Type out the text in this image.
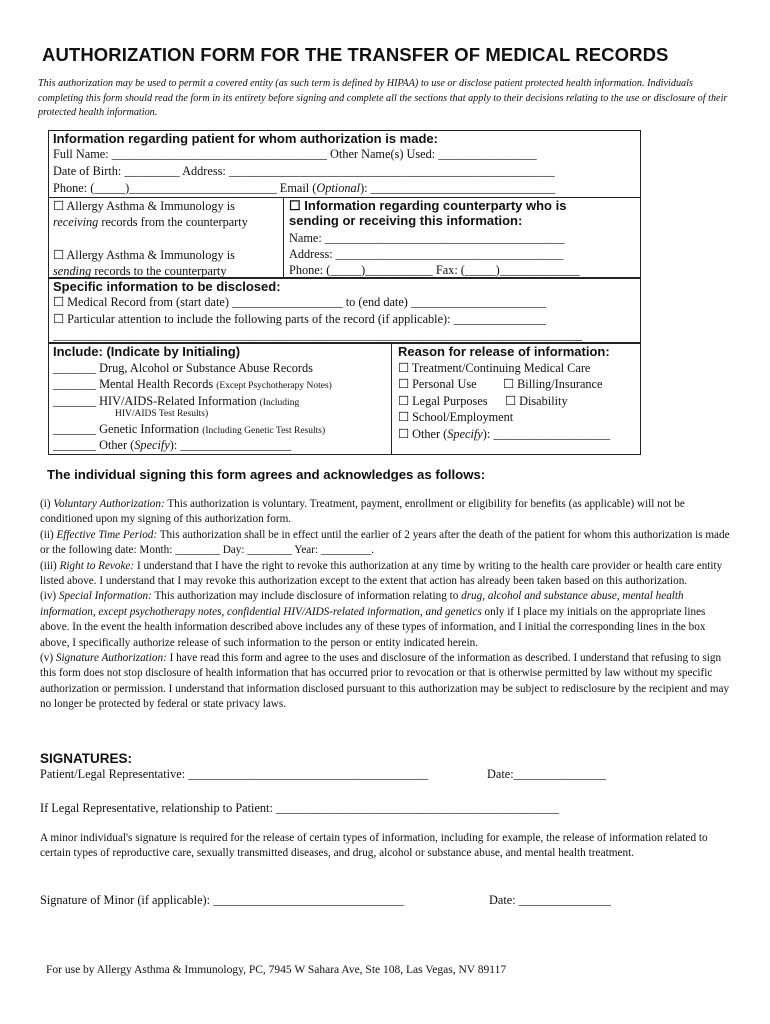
AUTHORIZATION FORM FOR THE TRANSFER OF MEDICAL RECORDS
This authorization may be used to permit a covered entity (as such term is defined by HIPAA) to use or disclose patient protected health information. Individuals completing this form should read the form in its entirety before signing and complete all the sections that apply to their decisions relating to the use or disclosure of their protected health information.
Information regarding patient for whom authorization is made:
Full Name: ___________________________________ Other Name(s) Used: ________________
Date of Birth: _________ Address: _____________________________________________________
Phone: (_____)________________________ Email (Optional): ______________________________
☐ Allergy Asthma & Immunology is
receiving records from the counterparty
☐ Allergy Asthma & Immunology is
sending records to the counterparty
☐ Information regarding counterparty who is
sending or receiving this information:
Name: _______________________________________
Address: _____________________________________
Phone: (_____)___________ Fax: (_____)_____________
Specific information to be disclosed:
☐ Medical Record from (start date) __________________ to (end date) ______________________
☐ Particular attention to include the following parts of the record (if applicable): _______________
______________________________________________________________________________________
Include: (Indicate by Initialing)
_______ Drug, Alcohol or Substance Abuse Records
_______ Mental Health Records (Except Psychotherapy Notes)
_______ HIV/AIDS-Related Information (Including
HIV/AIDS Test Results)
_______ Genetic Information (Including Genetic Test Results)
_______ Other (Specify): __________________
Reason for release of information:
☐ Treatment/Continuing Medical Care
☐ Personal Use ☐ Billing/Insurance
☐ Legal Purposes ☐ Disability
☐ School/Employment
☐ Other (Specify): ___________________
The individual signing this form agrees and acknowledges as follows:

(i) Voluntary Authorization: This authorization is voluntary. Treatment, payment, enrollment or eligibility for benefits (as applicable) will not be conditioned upon my signing of this authorization form.

(ii) Effective Time Period: This authorization shall be in effect until the earlier of 2 years after the death of the patient for whom this authorization is made or the following date: Month: ________ Day: ________ Year: _________.

(iii) Right to Revoke: I understand that I have the right to revoke this authorization at any time by writing to the health care provider or health care entity listed above. I understand that I may revoke this authorization except to the extent that action has already been taken based on this authorization.

(iv) Special Information: This authorization may include disclosure of information relating to drug, alcohol and substance abuse, mental health information, except psychotherapy notes, confidential HIV/AIDS-related information, and genetics only if I place my initials on the appropriate lines above. In the event the health information described above includes any of these types of information, and I initial the corresponding lines in the box above, I specifically authorize release of such information to the person or entity indicated herein.

(v) Signature Authorization: I have read this form and agree to the uses and disclosure of the information as described. I understand that refusing to sign this form does not stop disclosure of health information that has occurred prior to revocation or that is otherwise permitted by law without my specific authorization or permission. I understand that information disclosed pursuant to this authorization may be subject to redisclosure by the recipient and may no longer be protected by federal or state privacy laws.

SIGNATURES:
Patient/Legal Representative: _______________________________________	Date:_______________
If Legal Representative, relationship to Patient: ______________________________________________
A minor individual's signature is required for the release of certain types of information, including for example, the release of information related to certain types of reproductive care, sexually transmitted diseases, and drug, alcohol or substance abuse, and mental health treatment.
Signature of Minor (if applicable): _______________________________	Date: _______________
For use by Allergy Asthma & Immunology, PC, 7945 W Sahara Ave, Ste 108, Las Vegas, NV 89117
